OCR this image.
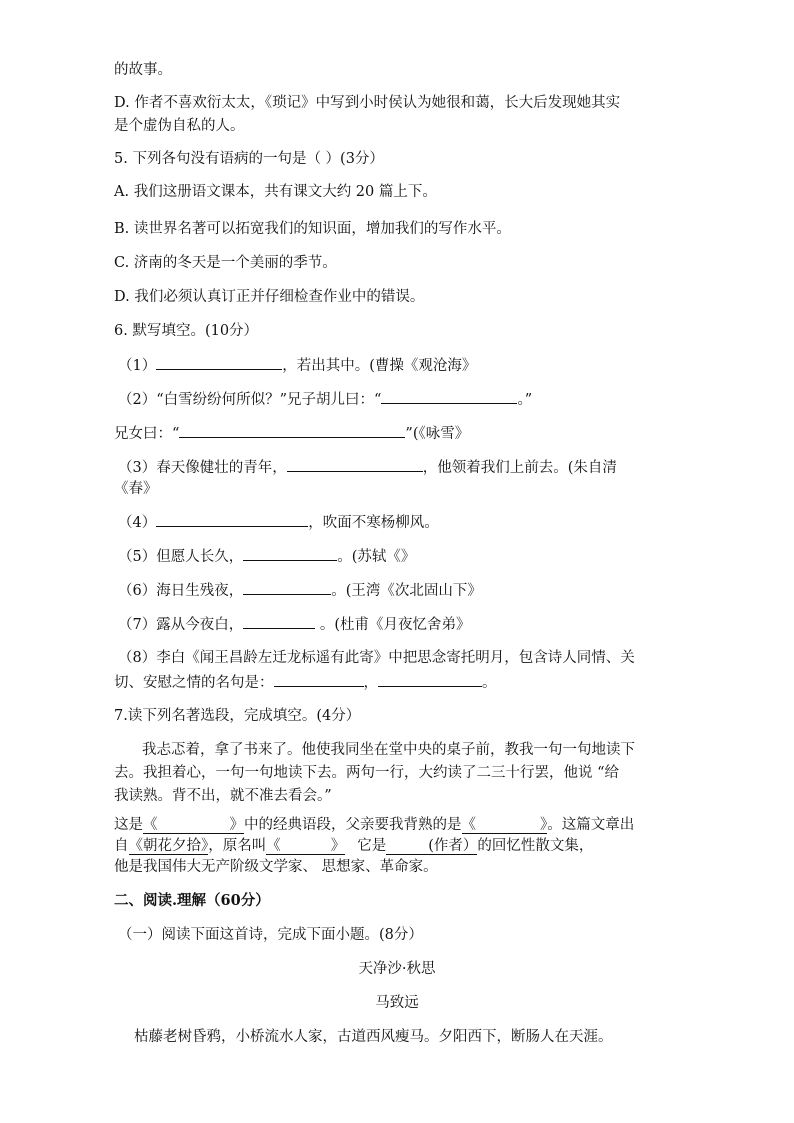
的故事。
D. 作者不喜欢衍太太，《琐记》中写到小时侯认为她很和蔼，长大后发现她其实
是个虚伪自私的人。
5. 下列各句没有语病的一句是（ ）(3分）
A. 我们这册语文课本，共有课文大约 20 篇上下。
B. 读世界名著可以拓宽我们的知识面，增加我们的写作水平。
C. 济南的冬天是一个美丽的季节。
D. 我们必须认真订正并仔细检查作业中的错误。
6. 默写填空。(10分）
（1）	，若出其中。(曹操《观沧海》
（2）“白雪纷纷何所似？”兄子胡儿曰：“	。”
兄女曰：“	”(《咏雪》
（3）春天像健壮的青年，	，他领着我们上前去。(朱自清
《春》
（4）	，吹面不寒杨柳风。
（5）但愿人长久，	。(苏轼《》
（6）海日生残夜，	。(王湾《次北固山下》
（7）露从今夜白，	。(杜甫《月夜忆舍弟》
（8）李白《闻王昌龄左迁龙标遥有此寄》中把思念寄托明月，包含诗人同情、关
切、安慰之情的名句是：	，	。
7.读下列名著选段，完成填空。(4分）
我忐忑着，拿了书来了。他使我同坐在堂中央的桌子前，教我一句一句地读下
去。我担着心，一句一句地读下去。两句一行，大约读了二三十行罢，他说 “给
我读熟。背不出，就不准去看会。”
这是《	》中的经典语段，父亲要我背熟的是《	》。这篇文章出
自《朝花夕拾》，原名叫《	》 它是	(作者）的回忆性散文集，
他是我国伟大无产阶级文学家、 思想家、革命家。
二、阅读.理解（60分）
（一）阅读下面这首诗，完成下面小题。(8分）
天净沙·秋思
马致远
枯藤老树昏鸦，小桥流水人家，古道西风瘦马。夕阳西下，断肠人在天涯。
